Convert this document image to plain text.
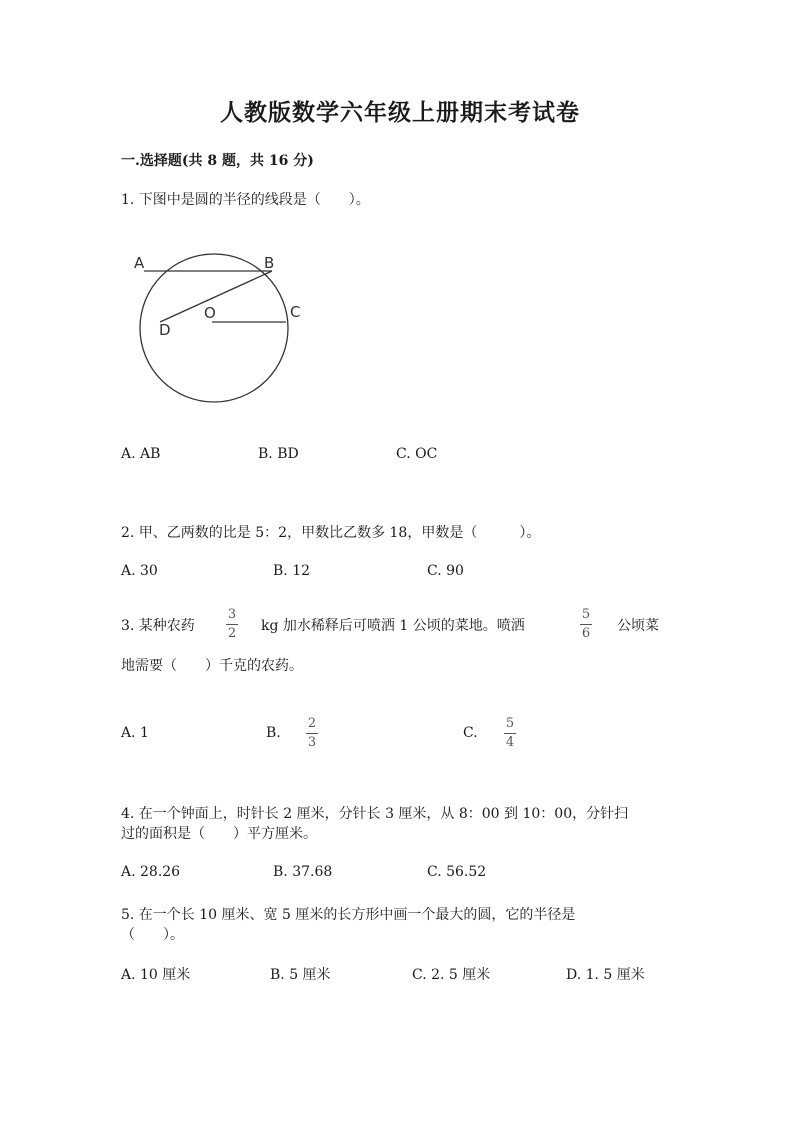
人教版数学六年级上册期末考试卷
一.选择题(共 8 题，共 16 分)
1. 下图中是圆的半径的线段是（　　）。
A	B
C
D
O
A. AB	B. BD	C. OC
2. 甲、乙两数的比是 5：2，甲数比乙数多 18，甲数是（　　　）。
A. 30	B. 12	C. 90
3. 某种农药
3
2 kg 加水稀释后可喷洒 1 公顷的菜地。喷洒
5
6 公顷菜
地需要（　　）千克的农药。
A. 1	B.
2
3
C.
5
4
4. 在一个钟面上，时针长 2 厘米，分针长 3 厘米，从 8：00 到 10：00，分针扫
过的面积是（　　）平方厘米。
A. 28.26	B. 37.68	C. 56.52
5. 在一个长 10 厘米、宽 5 厘米的长方形中画一个最大的圆，它的半径是
（　　）。
A. 10 厘米	B. 5 厘米	C. 2. 5 厘米	D. 1. 5 厘米
